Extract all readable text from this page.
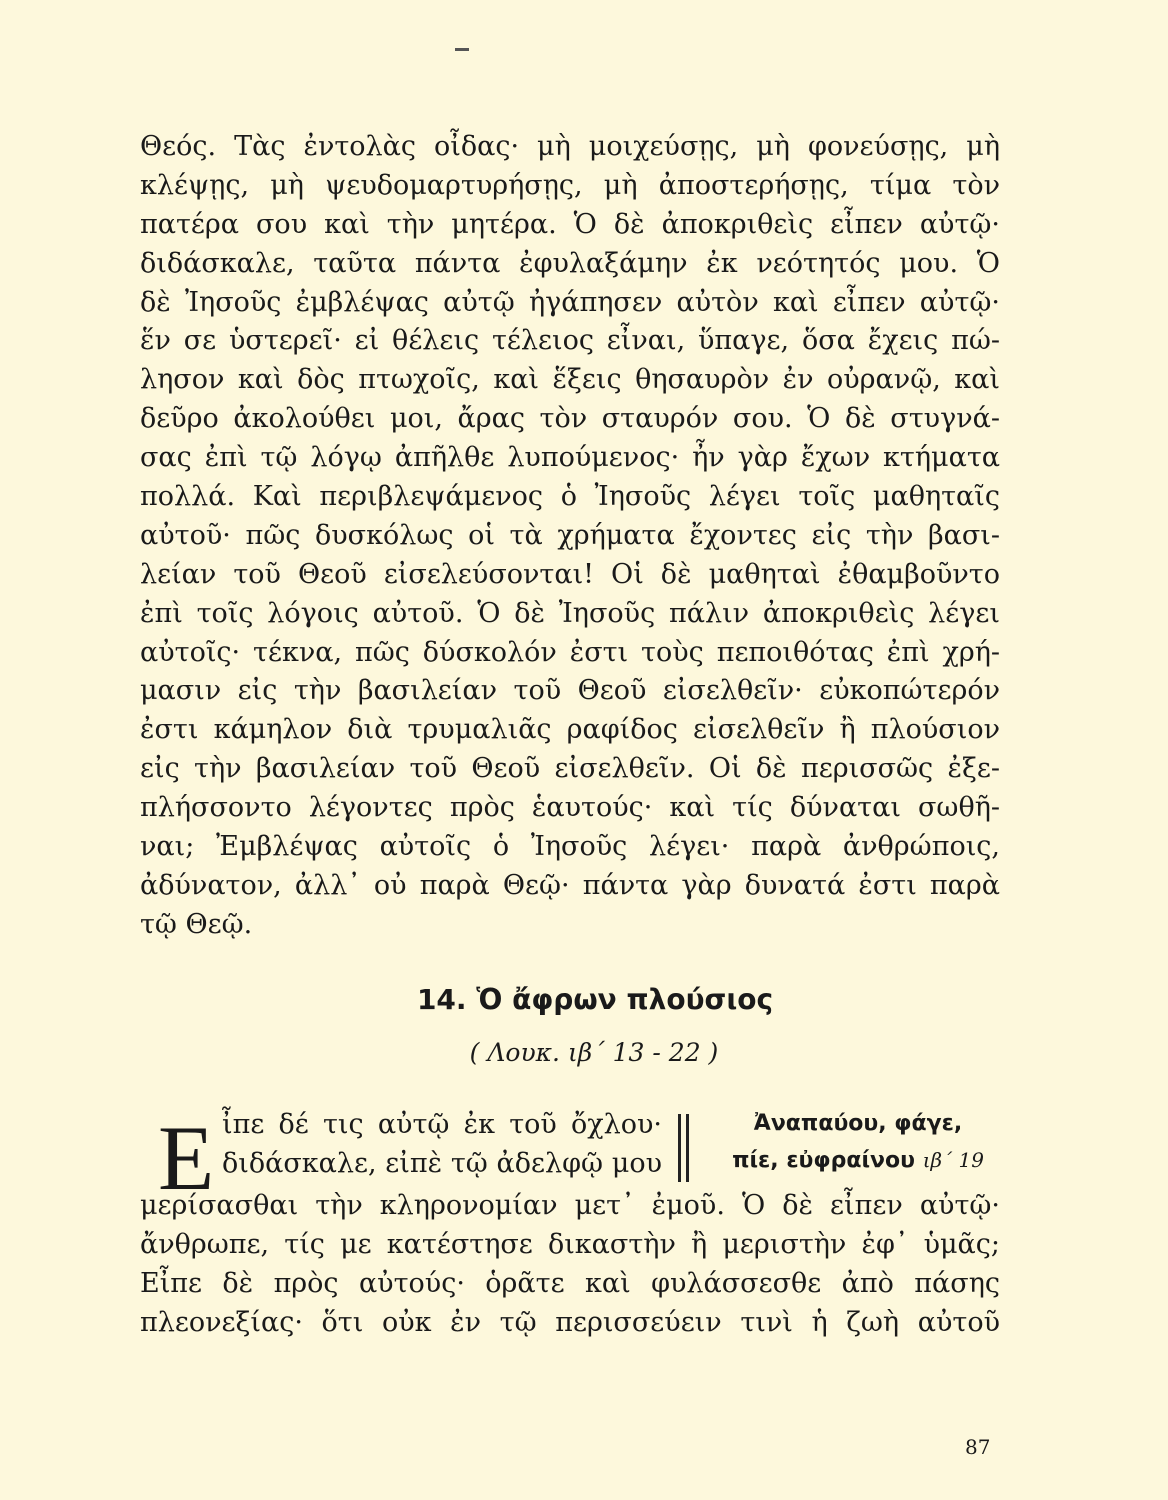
Θεός. Τὰς ἐντολὰς οἶδας· μὴ μοιχεύσῃς, μὴ φονεύσῃς, μὴ
κλέψῃς, μὴ ψευδομαρτυρήσῃς, μὴ ἀποστερήσῃς, τίμα τὸν
πατέρα σου καὶ τὴν μητέρα. Ὁ δὲ ἀποκριθεὶς εἶπεν αὐτῷ·
διδάσκαλε, ταῦτα πάντα ἐφυλαξάμην ἐκ νεότητός μου. Ὁ
δὲ Ἰησοῦς ἐμβλέψας αὐτῷ ἠγάπησεν αὐτὸν καὶ εἶπεν αὐτῷ·
ἕν σε ὑστερεῖ· εἰ θέλεις τέλειος εἶναι, ὕπαγε, ὅσα ἔχεις πώ-
λησον καὶ δὸς πτωχοῖς, καὶ ἕξεις θησαυρὸν ἐν οὐρανῷ, καὶ
δεῦρο ἀκολούθει μοι, ἄρας τὸν σταυρόν σου. Ὁ δὲ στυγνά-
σας ἐπὶ τῷ λόγῳ ἀπῆλθε λυπούμενος· ἦν γὰρ ἔχων κτήματα
πολλά. Καὶ περιβλεψάμενος ὁ Ἰησοῦς λέγει τοῖς μαθηταῖς
αὐτοῦ· πῶς δυσκόλως οἱ τὰ χρήματα ἔχοντες εἰς τὴν βασι-
λείαν τοῦ Θεοῦ εἰσελεύσονται! Οἱ δὲ μαθηταὶ ἐθαμβοῦντο
ἐπὶ τοῖς λόγοις αὐτοῦ. Ὁ δὲ Ἰησοῦς πάλιν ἀποκριθεὶς λέγει
αὐτοῖς· τέκνα, πῶς δύσκολόν ἐστι τοὺς πεποιθότας ἐπὶ χρή-
μασιν εἰς τὴν βασιλείαν τοῦ Θεοῦ εἰσελθεῖν· εὐκοπώτερόν
ἐστι κάμηλον διὰ τρυμαλιᾶς ραφίδος εἰσελθεῖν ἢ πλούσιον
εἰς τὴν βασιλείαν τοῦ Θεοῦ εἰσελθεῖν. Οἱ δὲ περισσῶς ἐξε-
πλήσσοντο λέγοντες πρὸς ἑαυτούς· καὶ τίς δύναται σωθῆ-
ναι; Ἐμβλέψας αὐτοῖς ὁ Ἰησοῦς λέγει· παρὰ ἀνθρώποις,
ἀδύνατον, ἀλλ᾽ οὐ παρὰ Θεῷ· πάντα γὰρ δυνατά ἐστι παρὰ
τῷ Θεῷ.
14. Ὁ ἄφρων πλούσιος
( Λουκ. ιβ΄ 13 - 22 )
Ε ἶπε δέ τις αὐτῷ ἐκ τοῦ ὄχλου·
διδάσκαλε, εἰπὲ τῷ ἀδελφῷ μου
Ἀναπαύου, φάγε,
πίε, εὐφραίνου ιβ΄ 19
μερίσασθαι τὴν κληρονομίαν μετ᾽ ἐμοῦ. Ὁ δὲ εἶπεν αὐτῷ·
ἄνθρωπε, τίς με κατέστησε δικαστὴν ἢ μεριστὴν ἐφ᾽ ὑμᾶς;
Εἶπε δὲ πρὸς αὐτούς· ὁρᾶτε καὶ φυλάσσεσθε ἀπὸ πάσης
πλεονεξίας· ὅτι οὐκ ἐν τῷ περισσεύειν τινὶ ἡ ζωὴ αὐτοῦ
87
